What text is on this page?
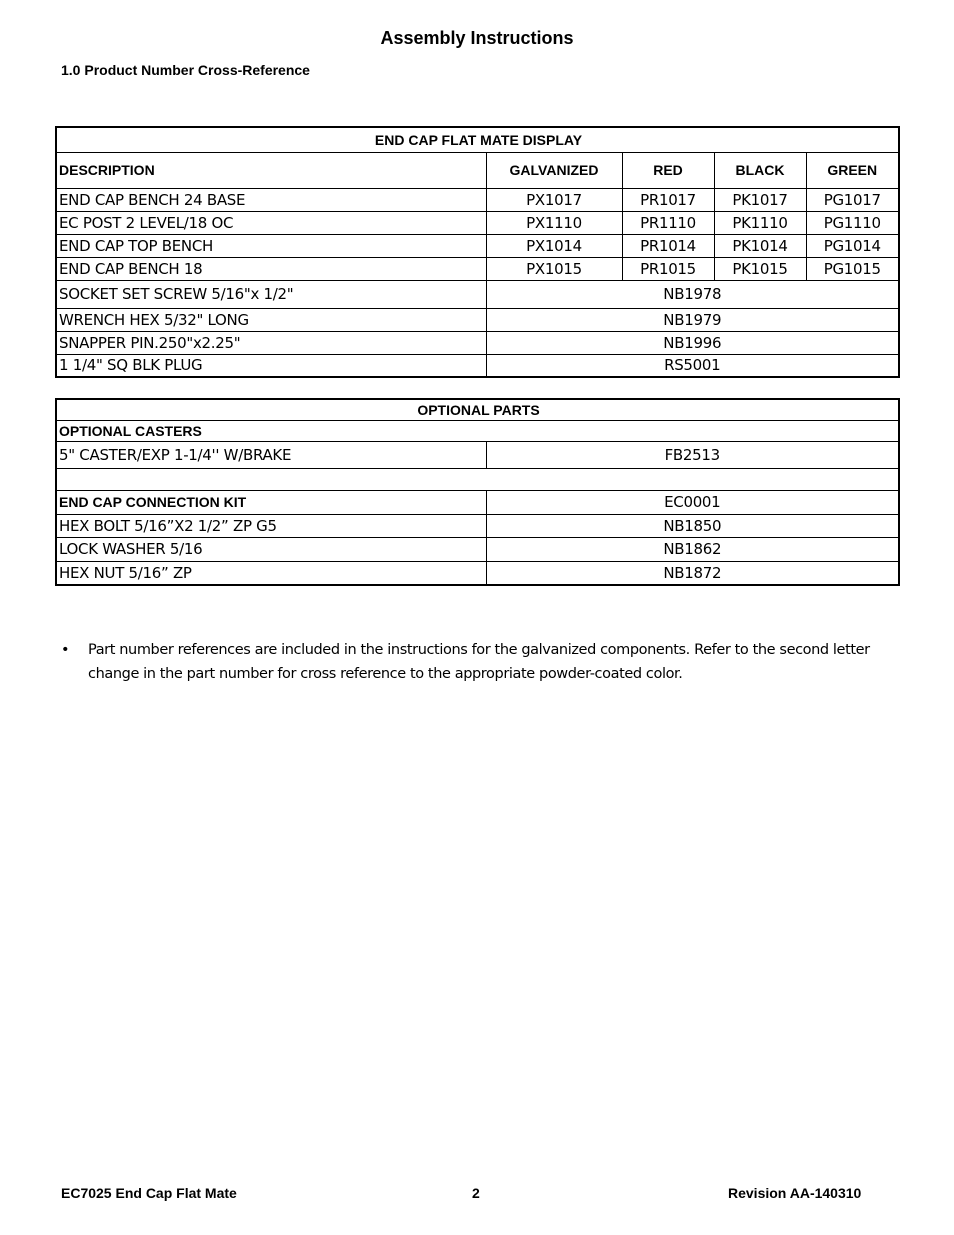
Assembly Instructions
1.0 Product Number Cross-Reference
END CAP FLAT MATE DISPLAY				
DESCRIPTION	GALVANIZED	RED	BLACK	GREEN
END CAP BENCH 24 BASE	PX1017	PR1017	PK1017	PG1017
EC POST 2 LEVEL/18 OC	PX1110	PR1110	PK1110	PG1110
END CAP TOP BENCH	PX1014	PR1014	PK1014	PG1014
END CAP BENCH 18	PX1015	PR1015	PK1015	PG1015
SOCKET SET SCREW 5/16"x 1/2"	NB1978			
WRENCH HEX 5/32" LONG	NB1979			
SNAPPER PIN.250"x2.25"	NB1996			
1 1/4" SQ BLK PLUG	RS5001			
OPTIONAL PARTS	
OPTIONAL CASTERS	
5" CASTER/EXP 1-1/4'' W/BRAKE	FB2513

END CAP CONNECTION KIT	EC0001
HEX BOLT 5/16”X2 1/2” ZP G5	NB1850
LOCK WASHER 5/16	NB1862
HEX NUT 5/16” ZP	NB1872
• Part number references are included in the instructions for the galvanized components. Refer to the second letter change in the part number for cross reference to the appropriate powder-coated color.
EC7025 End Cap Flat Mate	2	Revision AA-140310
